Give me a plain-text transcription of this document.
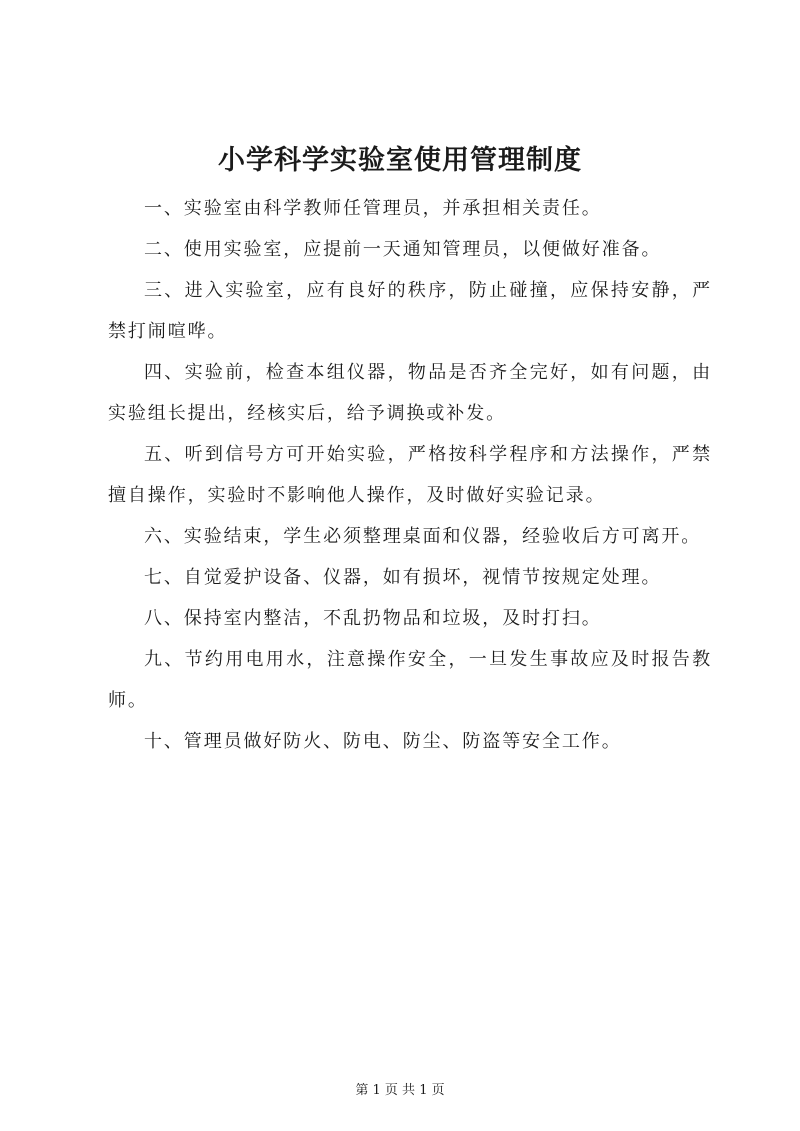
小学科学实验室使用管理制度

一、实验室由科学教师任管理员，并承担相关责任。

二、使用实验室，应提前一天通知管理员，以便做好准备。

三、进入实验室，应有良好的秩序，防止碰撞，应保持安静，严禁打闹喧哗。

四、实验前，检查本组仪器，物品是否齐全完好，如有问题，由实验组长提出，经核实后，给予调换或补发。

五、听到信号方可开始实验，严格按科学程序和方法操作，严禁擅自操作，实验时不影响他人操作，及时做好实验记录。

六、实验结束，学生必须整理桌面和仪器，经验收后方可离开。

七、自觉爱护设备、仪器，如有损坏，视情节按规定处理。

八、保持室内整洁，不乱扔物品和垃圾，及时打扫。

九、节约用电用水，注意操作安全，一旦发生事故应及时报告教师。

十、管理员做好防火、防电、防尘、防盗等安全工作。

第 1 页 共 1 页
